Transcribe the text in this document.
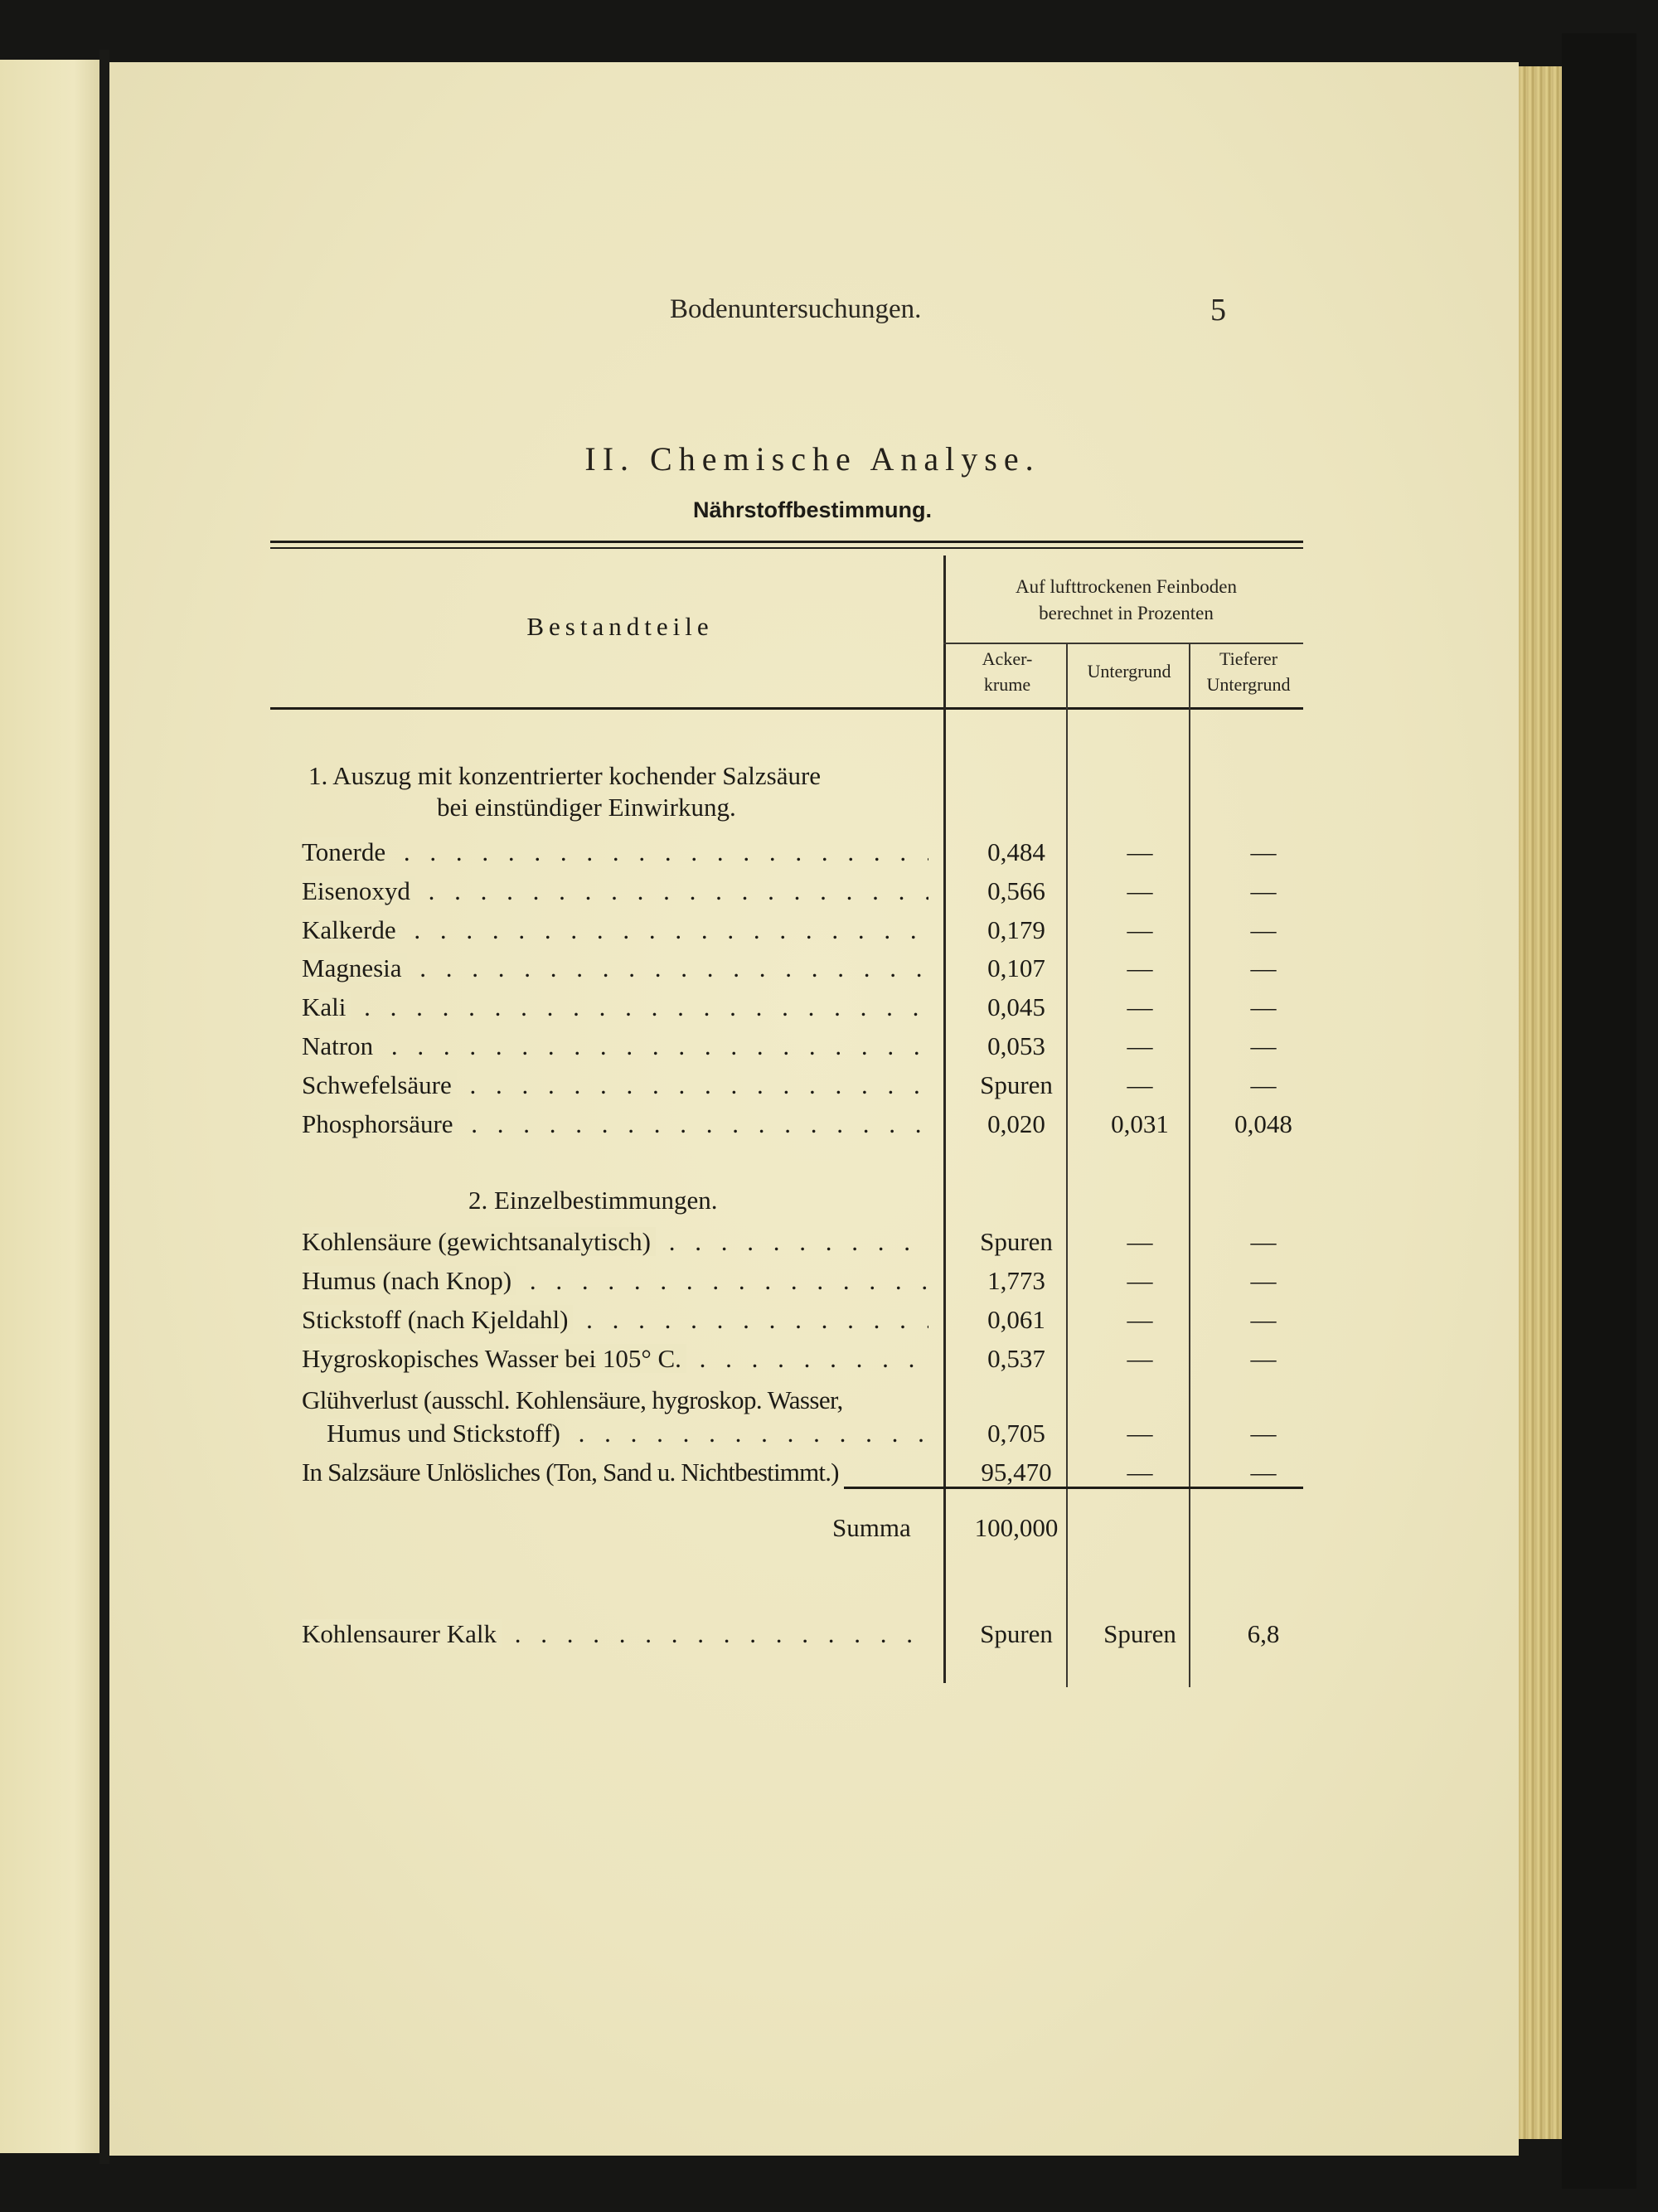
Bodenuntersuchungen.	5
II. Chemische Analyse.
Nährstoffbestimmung.
Bestandteile
Auf lufttrockenen Feinboden
berechnet in Prozenten
Acker-
krume
Untergrund
Tieferer
Untergrund
1. Auszug mit konzentrierter kochender Salzsäure
bei einstündiger Einwirkung.
Tonerde . . .	0,484	—	—
Eisenoxyd . . .	0,566	—	—
Kalkerde . . .	0,179	—	—
Magnesia . . .	0,107	—	—
Kali . . .	0,045	—	—
Natron . . .	0,053	—	—
Schwefelsäure . . .	Spuren	—	—
Phosphorsäure . . .	0,020	0,031	0,048
2. Einzelbestimmungen.
Kohlensäure (gewichtsanalytisch) . . .	Spuren	—	—
Humus (nach Knop) . . .	1,773	—	—
Stickstoff (nach Kjeldahl) . . .	0,061	—	—
Hygroskopisches Wasser bei 105° C. . . .	0,537	—	—
Glühverlust (ausschl. Kohlensäure, hygroskop. Wasser,
Humus und Stickstoff) . . .	0,705	—	—
In Salzsäure Unlösliches (Ton, Sand u. Nichtbestimmt.)	95,470	—	—
Summa	100,000
Kohlensaurer Kalk . . .	Spuren	Spuren	6,8
